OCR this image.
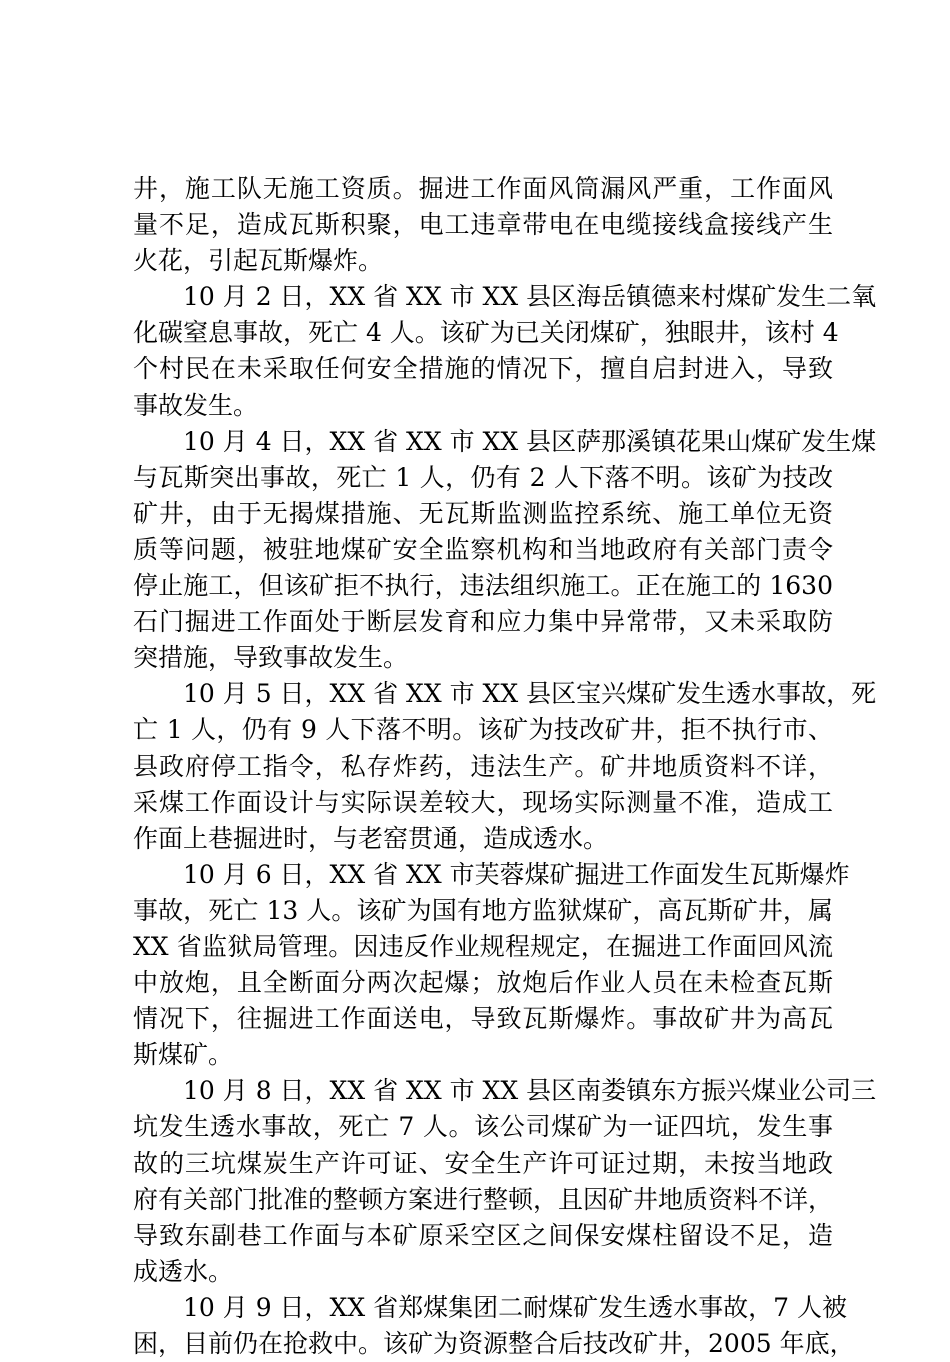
井，施工队无施工资质。掘进工作面风筒漏风严重，工作面风
量不足，造成瓦斯积聚，电工违章带电在电缆接线盒接线产生
火花，引起瓦斯爆炸。
10 月 2 日，XX 省 XX 市 XX 县区海岳镇德来村煤矿发生二氧
化碳窒息事故，死亡 4 人。该矿为已关闭煤矿，独眼井，该村 4
个村民在未采取任何安全措施的情况下，擅自启封进入，导致
事故发生。
10 月 4 日，XX 省 XX 市 XX 县区萨那溪镇花果山煤矿发生煤
与瓦斯突出事故，死亡 1 人，仍有 2 人下落不明。该矿为技改
矿井，由于无揭煤措施、无瓦斯监测监控系统、施工单位无资
质等问题，被驻地煤矿安全监察机构和当地政府有关部门责令
停止施工，但该矿拒不执行，违法组织施工。正在施工的 1630
石门掘进工作面处于断层发育和应力集中异常带，又未采取防
突措施，导致事故发生。
10 月 5 日，XX 省 XX 市 XX 县区宝兴煤矿发生透水事故，死
亡 1 人，仍有 9 人下落不明。该矿为技改矿井，拒不执行市、
县政府停工指令，私存炸药，违法生产。矿井地质资料不详，
采煤工作面设计与实际误差较大，现场实际测量不准，造成工
作面上巷掘进时，与老窑贯通，造成透水。
10 月 6 日，XX 省 XX 市芙蓉煤矿掘进工作面发生瓦斯爆炸
事故，死亡 13 人。该矿为国有地方监狱煤矿，高瓦斯矿井，属
XX 省监狱局管理。因违反作业规程规定，在掘进工作面回风流
中放炮，且全断面分两次起爆；放炮后作业人员在未检查瓦斯
情况下，往掘进工作面送电，导致瓦斯爆炸。事故矿井为高瓦
斯煤矿。
10 月 8 日，XX 省 XX 市 XX 县区南娄镇东方振兴煤业公司三
坑发生透水事故，死亡 7 人。该公司煤矿为一证四坑，发生事
故的三坑煤炭生产许可证、安全生产许可证过期，未按当地政
府有关部门批准的整顿方案进行整顿，且因矿井地质资料不详，
导致东副巷工作面与本矿原采空区之间保安煤柱留设不足，造
成透水。
10 月 9 日，XX 省郑煤集团二耐煤矿发生透水事故，7 人被
困，目前仍在抢救中。该矿为资源整合后技改矿井，2005 年底，
